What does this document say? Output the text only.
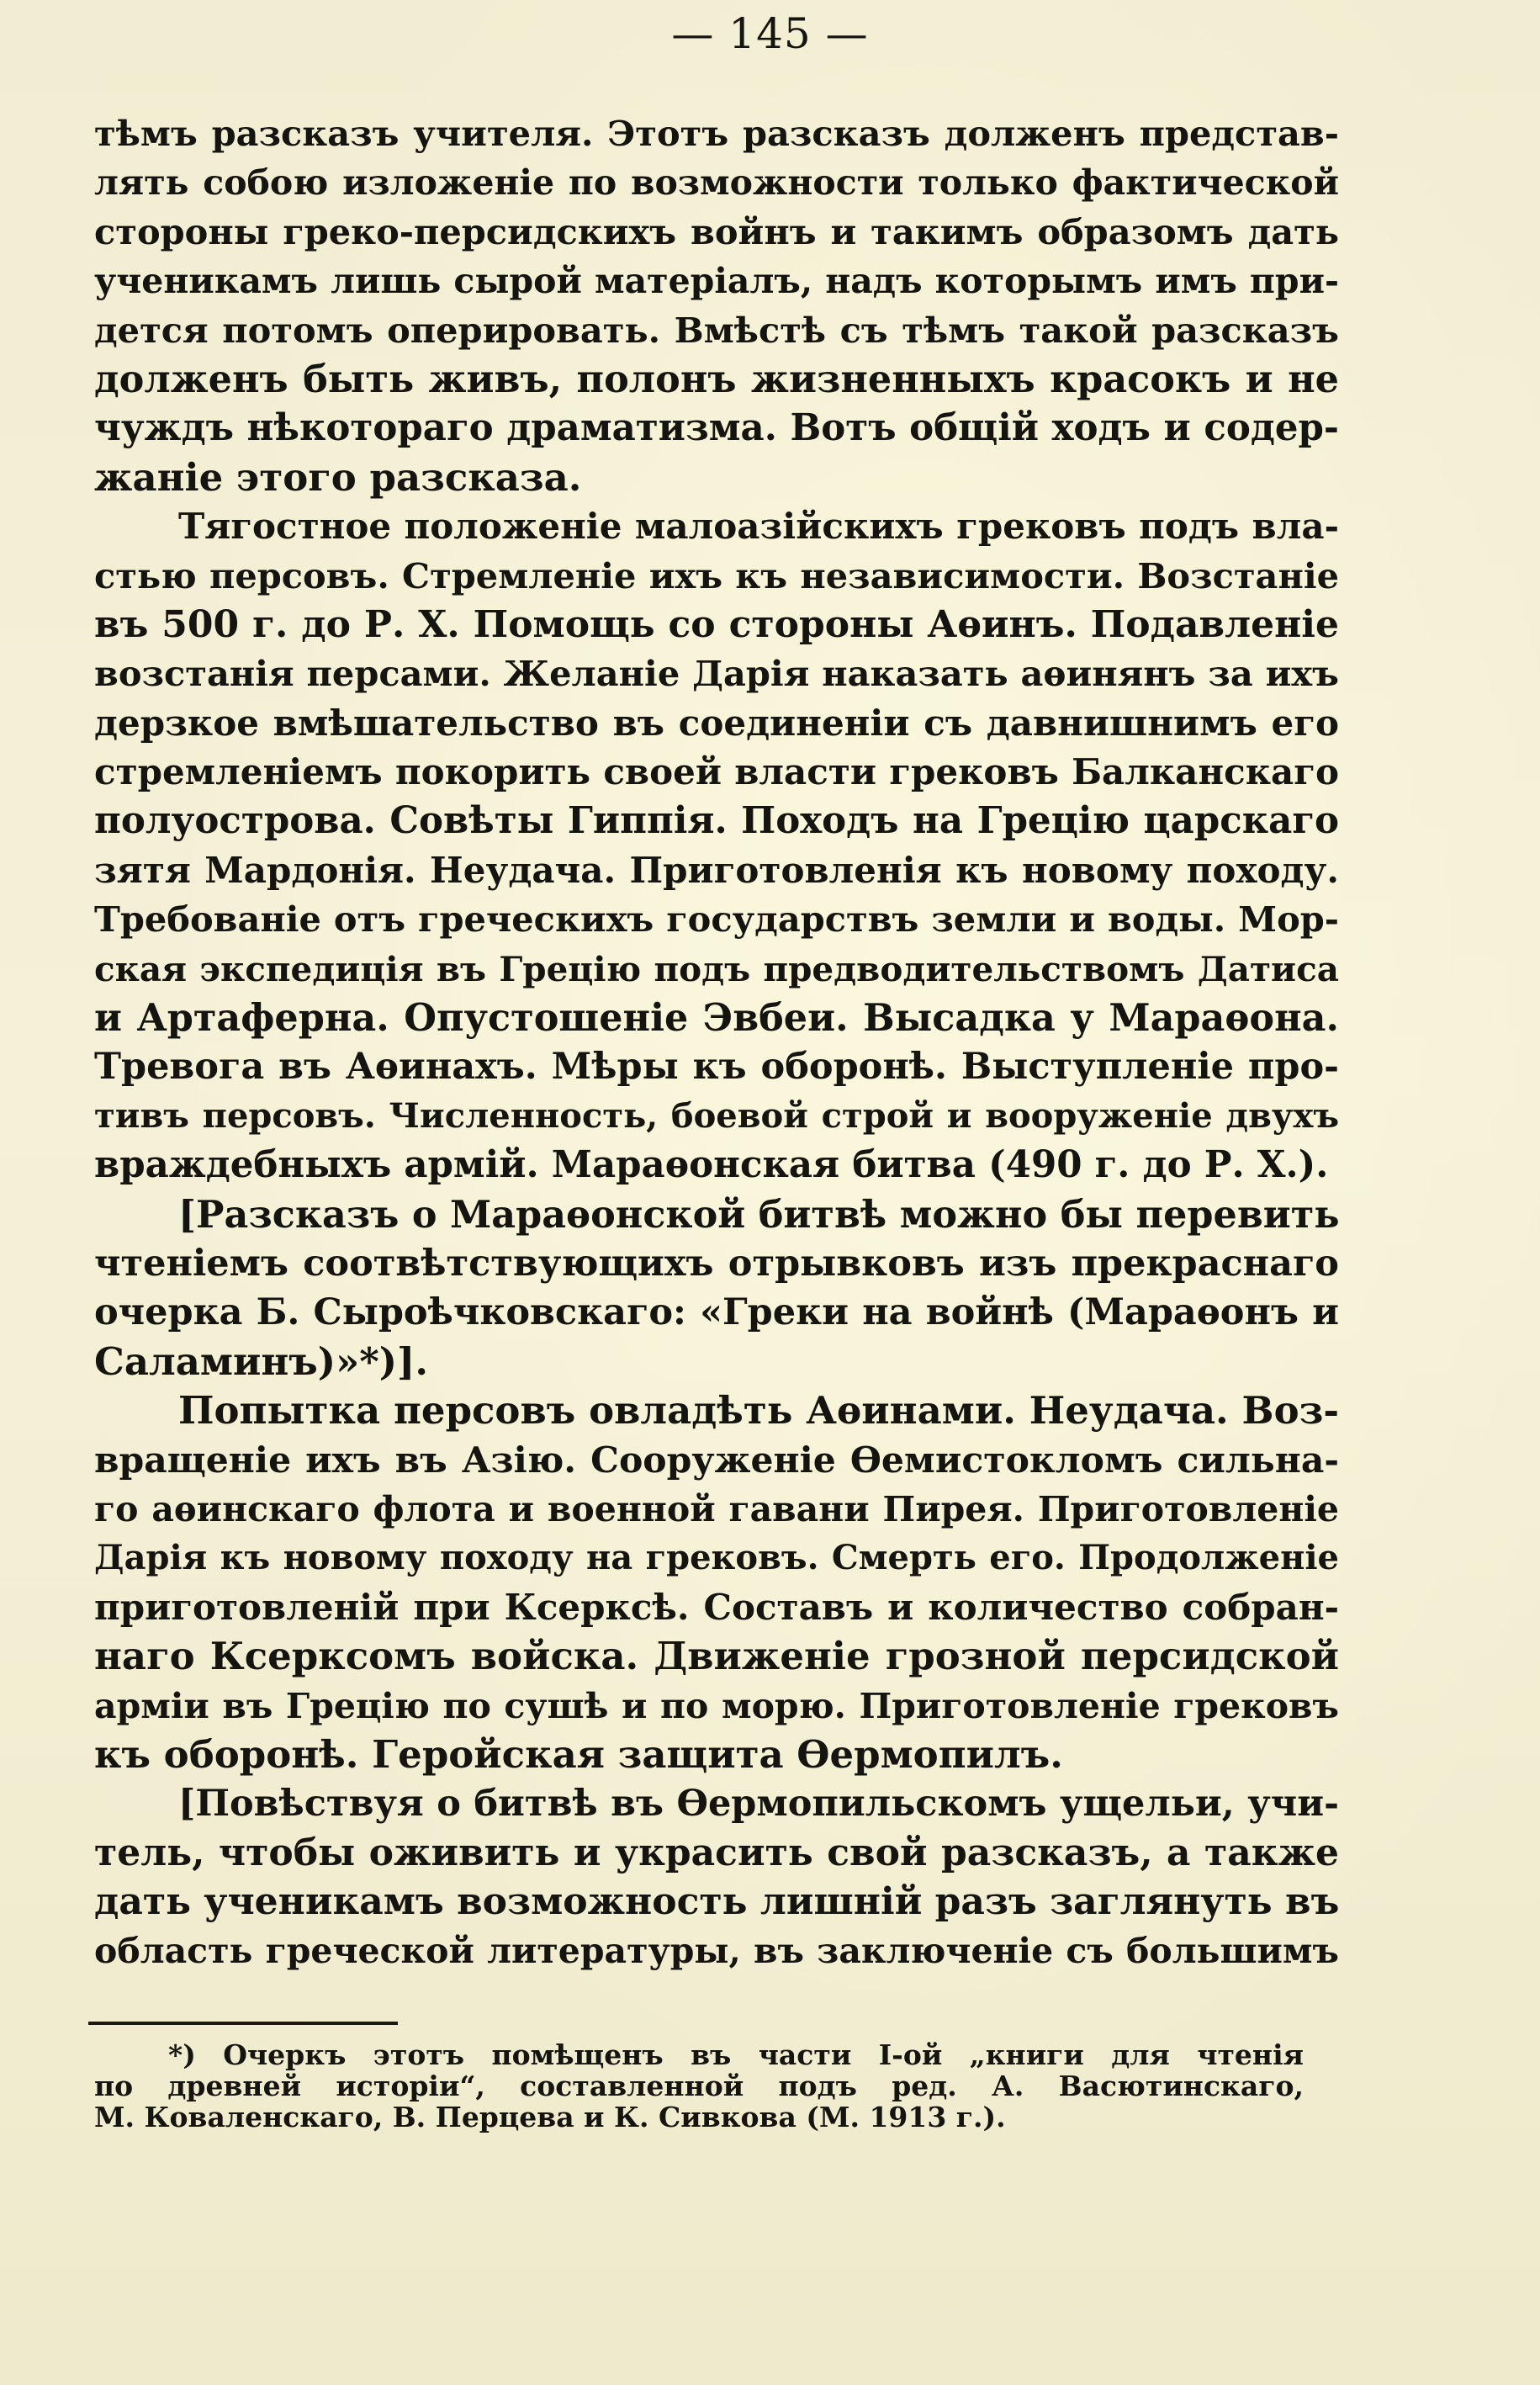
— 145 —
тѣмъ разсказъ учителя. Этотъ разсказъ долженъ представ-
лять собою изложеніе по возможности только фактической
стороны греко-персидскихъ войнъ и такимъ образомъ дать
ученикамъ лишь сырой матеріалъ, надъ которымъ имъ при-
дется потомъ оперировать. Вмѣстѣ съ тѣмъ такой разсказъ
долженъ быть живъ, полонъ жизненныхъ красокъ и не
чуждъ нѣкотораго драматизма. Вотъ общій ходъ и содер-
жаніе этого разсказа.
Тягостное положеніе малоазійскихъ грековъ подъ вла-
стью персовъ. Стремленіе ихъ къ независимости. Возстаніе
въ 500 г. до Р. Х. Помощь со стороны Аѳинъ. Подавленіе
возстанія персами. Желаніе Дарія наказать аѳинянъ за ихъ
дерзкое вмѣшательство въ соединеніи съ давнишнимъ его
стремленіемъ покорить своей власти грековъ Балканскаго
полуострова. Совѣты Гиппія. Походъ на Грецію царскаго
зятя Мардонія. Неудача. Приготовленія къ новому походу.
Требованіе отъ греческихъ государствъ земли и воды. Мор-
ская экспедиція въ Грецію подъ предводительствомъ Датиса
и Артаферна. Опустошеніе Эвбеи. Высадка у Мараѳона.
Тревога въ Аѳинахъ. Мѣры къ оборонѣ. Выступленіе про-
тивъ персовъ. Численность, боевой строй и вооруженіе двухъ
враждебныхъ армій. Мараѳонская битва (490 г. до Р. Х.).
[Разсказъ о Мараѳонской битвѣ можно бы перевить
чтеніемъ соотвѣтствующихъ отрывковъ изъ прекраснаго
очерка Б. Сыроѣчковскаго: «Греки на войнѣ (Мараѳонъ и
Саламинъ)»*)].
Попытка персовъ овладѣть Аѳинами. Неудача. Воз-
вращеніе ихъ въ Азію. Сооруженіе Ѳемистокломъ сильна-
го аѳинскаго флота и военной гавани Пирея. Приготовленіе
Дарія къ новому походу на грековъ. Смерть его. Продолженіе
приготовленій при Ксерксѣ. Составъ и количество собран-
наго Ксерксомъ войска. Движеніе грозной персидской
арміи въ Грецію по сушѣ и по морю. Приготовленіе грековъ
къ оборонѣ. Геройская защита Ѳермопилъ.
[Повѣствуя о битвѣ въ Ѳермопильскомъ ущельи, учи-
тель, чтобы оживить и украсить свой разсказъ, а также
дать ученикамъ возможность лишній разъ заглянуть въ
область греческой литературы, въ заключеніе съ большимъ
*) Очеркъ этотъ помѣщенъ въ части І-ой „книги для чтенія
по древней исторіи“, составленной подъ ред. А. Васютинскаго,
М. Коваленскаго, В. Перцева и К. Сивкова (М. 1913 г.).
